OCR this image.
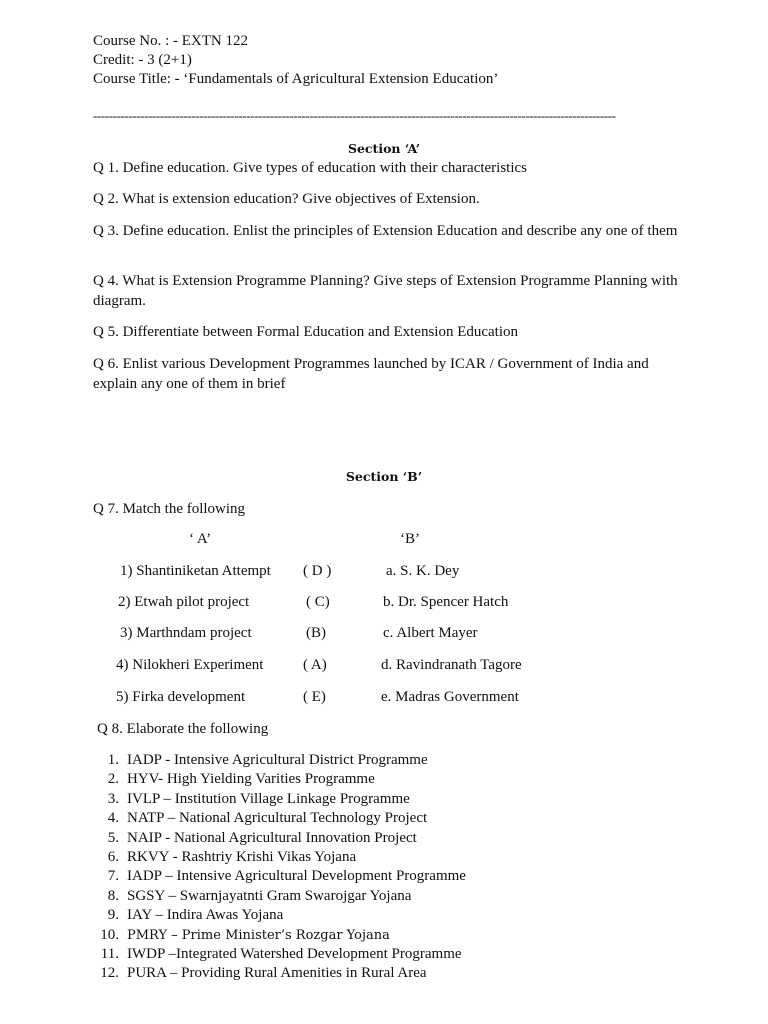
Course No. : - EXTN 122
Credit: - 3 (2+1)
Course Title: - ‘Fundamentals of Agricultural Extension Education’
-------------------------------------------------------------------------------------------------------------------------------------
Section ‘A’
Q 1. Define education. Give types of education with their characteristics
Q 2. What is extension education? Give objectives of Extension.
Q 3. Define education. Enlist the principles of Extension Education and describe any one of them
Q 4. What is Extension Programme Planning? Give steps of Extension Programme Planning with diagram.
Q 5. Differentiate between Formal Education and Extension Education
Q 6. Enlist various Development Programmes launched by ICAR / Government of India and explain any one of them in brief
Section ‘B’
Q 7. Match the following
‘ A’	‘B’
1) Shantiniketan Attempt ( D )	a. S. K. Dey
2) Etwah pilot project	( C)	b. Dr. Spencer Hatch
3) Marthndam project	(B)	c. Albert Mayer
4) Nilokheri Experiment	( A)	d. Ravindranath Tagore
5) Firka development	( E)	e. Madras Government
Q 8. Elaborate the following
1. IADP - Intensive Agricultural District Programme
2. HYV- High Yielding Varities Programme
3. IVLP – Institution Village Linkage Programme
4. NATP – National Agricultural Technology Project
5. NAIP - National Agricultural Innovation Project
6. RKVY - Rashtriy Krishi Vikas Yojana
7. IADP – Intensive Agricultural Development Programme
8. SGSY – Swarnjayatnti Gram Swarojgar Yojana
9. IAY – Indira Awas Yojana
10. PMRY – Prime Minister’s Rozgar Yojana
11. IWDP –Integrated Watershed Development Programme
12. PURA – Providing Rural Amenities in Rural Area
